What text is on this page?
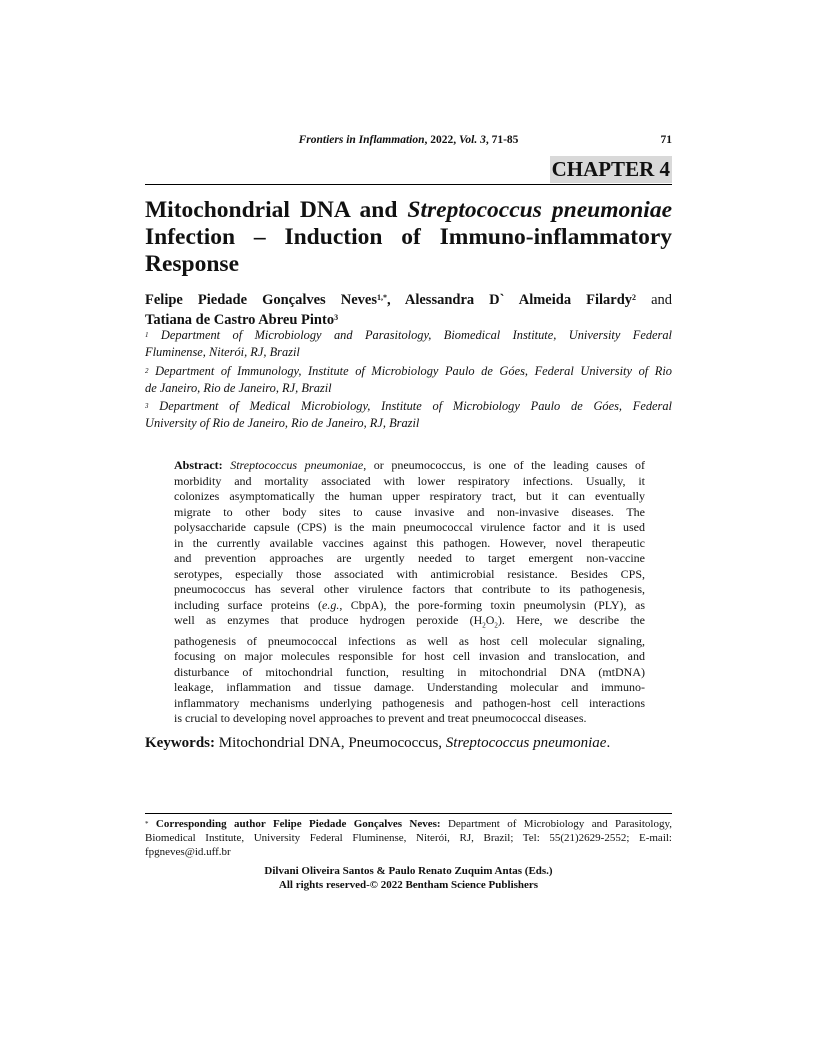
Frontiers in Inflammation, 2022, Vol. 3, 71-85	71
CHAPTER 4
Mitochondrial DNA and Streptococcus pneumoniae
Infection – Induction of Immuno-inflammatory
Response
Felipe Piedade Gonçalves Neves$^{1,*}$, Alessandra D` Almeida Filardy$^2$ and
Tatiana de Castro Abreu Pinto$^3$
$^1$ Department of Microbiology and Parasitology, Biomedical Institute, University Federal
Fluminense, Niterói, RJ, Brazil
$^2$ Department of Immunology, Institute of Microbiology Paulo de Góes, Federal University of Rio
de Janeiro, Rio de Janeiro, RJ, Brazil
$^3$ Department of Medical Microbiology, Institute of Microbiology Paulo de Góes, Federal
University of Rio de Janeiro, Rio de Janeiro, RJ, Brazil
Abstract: Streptococcus pneumoniae, or pneumococcus, is one of the leading causes of
morbidity and mortality associated with lower respiratory infections. Usually, it
colonizes asymptomatically the human upper respiratory tract, but it can eventually
migrate to other body sites to cause invasive and non-invasive diseases. The
polysaccharide capsule (CPS) is the main pneumococcal virulence factor and it is used
in the currently available vaccines against this pathogen. However, novel therapeutic
and prevention approaches are urgently needed to target emergent non-vaccine
serotypes, especially those associated with antimicrobial resistance. Besides CPS,
pneumococcus has several other virulence factors that contribute to its pathogenesis,
including surface proteins (e.g., CbpA), the pore-forming toxin pneumolysin (PLY), as
well as enzymes that produce hydrogen peroxide $(H_2O_2)$. Here, we describe the
pathogenesis of pneumococcal infections as well as host cell molecular signaling,
focusing on major molecules responsible for host cell invasion and translocation, and
disturbance of mitochondrial function, resulting in mitochondrial DNA (mtDNA)
leakage, inflammation and tissue damage. Understanding molecular and immuno-
inflammatory mechanisms underlying pathogenesis and pathogen-host cell interactions
is crucial to developing novel approaches to prevent and treat pneumococcal diseases.
Keywords: Mitochondrial DNA, Pneumococcus, Streptococcus pneumoniae.
* Corresponding author Felipe Piedade Gonçalves Neves: Department of Microbiology and Parasitology,
Biomedical Institute, University Federal Fluminense, Niterói, RJ, Brazil; Tel: 55(21)2629-2552; E-mail:
fpgneves@id.uff.br
Dilvani Oliveira Santos & Paulo Renato Zuquim Antas (Eds.)
All rights reserved-© 2022 Bentham Science Publishers
